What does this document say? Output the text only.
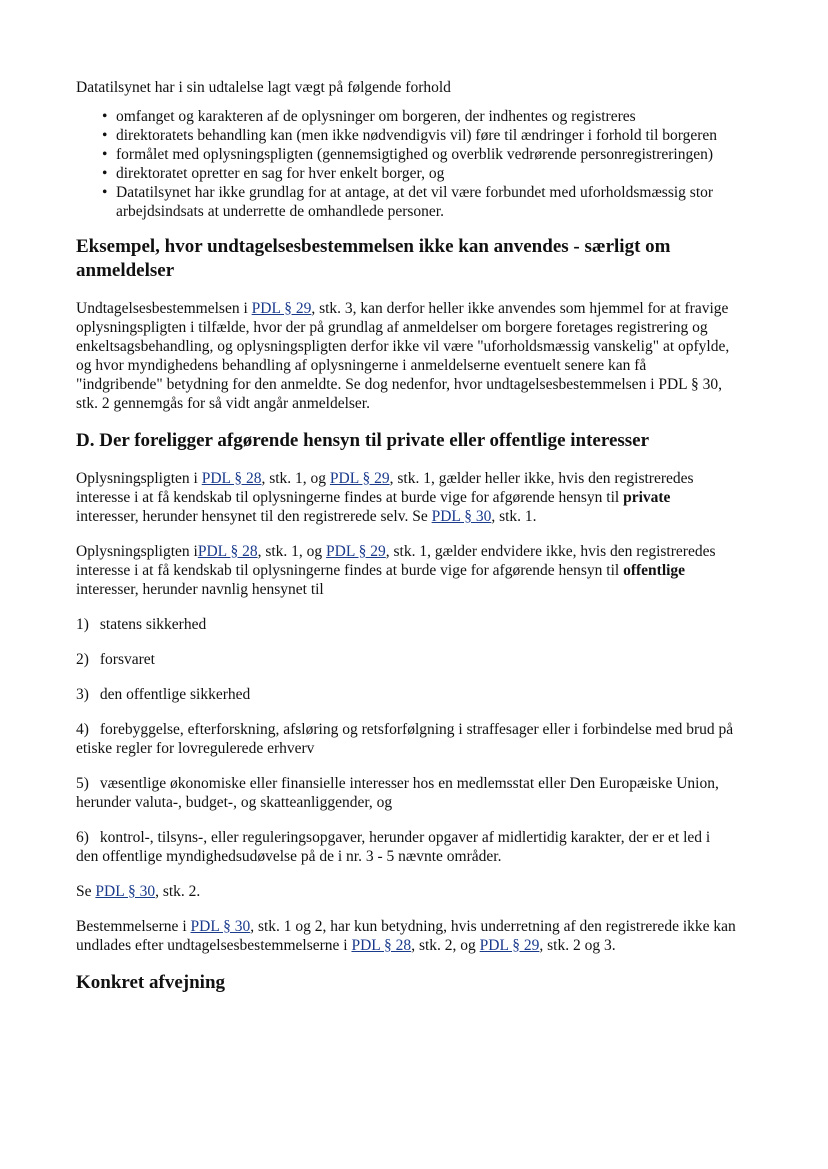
Datatilsynet har i sin udtalelse lagt vægt på følgende forhold

• omfanget og karakteren af de oplysninger om borgeren, der indhentes og registreres
• direktoratets behandling kan (men ikke nødvendigvis vil) føre til ændringer i forhold til borgeren
• formålet med oplysningspligten (gennemsigtighed og overblik vedrørende personregistreringen)
• direktoratet opretter en sag for hver enkelt borger, og
• Datatilsynet har ikke grundlag for at antage, at det vil være forbundet med uforholdsmæssig stor arbejdsindsats at underrette de omhandlede personer.
Eksempel, hvor undtagelsesbestemmelsen ikke kan anvendes - særligt om anmeldelser

Undtagelsesbestemmelsen i PDL § 29, stk. 3, kan derfor heller ikke anvendes som hjemmel for at fravige oplysningspligten i tilfælde, hvor der på grundlag af anmeldelser om borgere foretages registrering og enkeltsagsbehandling, og oplysningspligten derfor ikke vil være "uforholdsmæssig vanskelig" at opfylde, og hvor myndighedens behandling af oplysningerne i anmeldelserne eventuelt senere kan få "indgribende" betydning for den anmeldte. Se dog nedenfor, hvor undtagelsesbestemmelsen i PDL § 30, stk. 2 gennemgås for så vidt angår anmeldelser.

D. Der foreligger afgørende hensyn til private eller offentlige interesser

Oplysningspligten i PDL § 28, stk. 1, og PDL § 29, stk. 1, gælder heller ikke, hvis den registreredes interesse i at få kendskab til oplysningerne findes at burde vige for afgørende hensyn til private interesser, herunder hensynet til den registrerede selv. Se PDL § 30, stk. 1.

Oplysningspligten iPDL § 28, stk. 1, og PDL § 29, stk. 1, gælder endvidere ikke, hvis den registreredes interesse i at få kendskab til oplysningerne findes at burde vige for afgørende hensyn til offentlige interesser, herunder navnlig hensynet til

1) statens sikkerhed

2) forsvaret

3) den offentlige sikkerhed

4) forebyggelse, efterforskning, afsløring og retsforfølgning i straffesager eller i forbindelse med brud på etiske regler for lovregulerede erhverv

5) væsentlige økonomiske eller finansielle interesser hos en medlemsstat eller Den Europæiske Union, herunder valuta-, budget-, og skatteanliggender, og

6) kontrol-, tilsyns-, eller reguleringsopgaver, herunder opgaver af midlertidig karakter, der er et led i den offentlige myndighedsudøvelse på de i nr. 3 - 5 nævnte områder.

Se PDL § 30, stk. 2.

Bestemmelserne i PDL § 30, stk. 1 og 2, har kun betydning, hvis underretning af den registrerede ikke kan undlades efter undtagelsesbestemmelserne i PDL § 28, stk. 2, og PDL § 29, stk. 2 og 3.

Konkret afvejning
